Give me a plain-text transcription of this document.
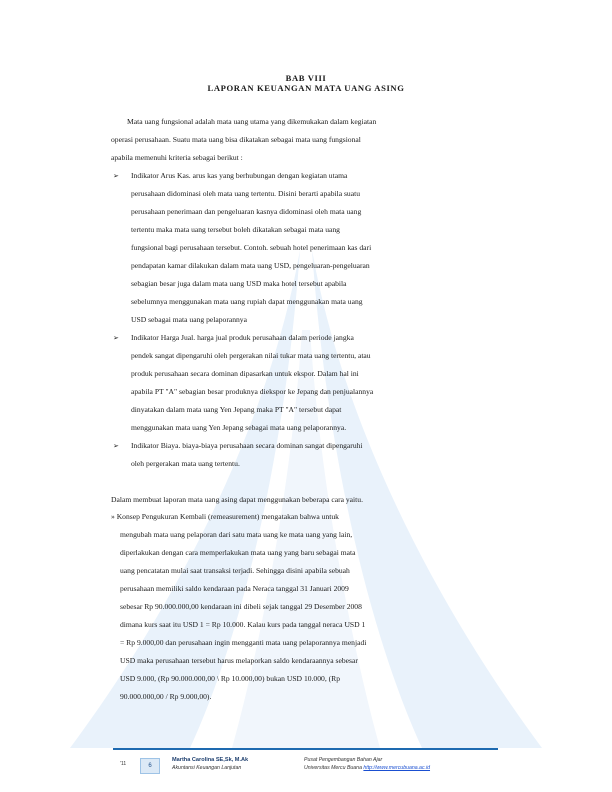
BAB VIII
LAPORAN KEUANGAN MATA UANG ASING
Mata uang fungsional adalah mata uang utama yang dikemukakan dalam kegiatan
operasi perusahaan. Suatu mata uang bisa dikatakan sebagai mata uang fungsional
apabila memenuhi kriteria sebagai berikut :
➢ Indikator Arus Kas. arus kas yang berhubungan dengan kegiatan utama
perusahaan didominasi oleh mata uang tertentu. Disini berarti apabila suatu
perusahaan penerimaan dan pengeluaran kasnya didominasi oleh mata uang
tertentu maka mata uang tersebut boleh dikatakan sebagai mata uang
fungsional bagi perusahaan tersebut. Contoh. sebuah hotel penerimaan kas dari
pendapatan kamar dilakukan dalam mata uang USD, pengeluaran-pengeluaran
sebagian besar juga dalam mata uang USD maka hotel tersebut apabila
sebelumnya menggunakan mata uang rupiah dapat menggunakan mata uang
USD sebagai mata uang pelaporannya
➢ Indikator Harga Jual. harga jual produk perusahaan dalam periode jangka
pendek sangat dipengaruhi oleh pergerakan nilai tukar mata uang tertentu, atau
produk perusahaan secara dominan dipasarkan untuk ekspor. Dalam hal ini
apabila PT "A" sebagian besar produknya diekspor ke Jepang dan penjualannya
dinyatakan dalam mata uang Yen Jepang maka PT "A" tersebut dapat
menggunakan mata uang Yen Jepang sebagai mata uang pelaporannya.
➢ Indikator Biaya. biaya-biaya perusahaan secara dominan sangat dipengaruhi
oleh pergerakan mata uang tertentu.
Dalam membuat laporan mata uang asing dapat menggunakan beberapa cara yaitu.
» Konsep Pengukuran Kembali (remeasurement) mengatakan bahwa untuk
mengubah mata uang pelaporan dari satu mata uang ke mata uang yang lain,
diperlakukan dengan cara memperlakukan mata uang yang baru sebagai mata
uang pencatatan mulai saat transaksi terjadi. Sehingga disini apabila sebuah
perusahaan memiliki saldo kendaraan pada Neraca tanggal 31 Januari 2009
sebesar Rp 90.000.000,00 kendaraan ini dibeli sejak tanggal 29 Desember 2008
dimana kurs saat itu USD 1 = Rp 10.000. Kalau kurs pada tanggal neraca USD 1
= Rp 9.000,00 dan perusahaan ingin mengganti mata uang pelaporannya menjadi
USD maka perusahaan tersebut harus melaporkan saldo kendaraannya sebesar
USD 9.000, (Rp 90.000.000,00 \ Rp 10.000,00) bukan USD 10.000, (Rp
90.000.000,00 / Rp 9.000,00).
'11	6
Martha Carolina SE,Sk, M.Ak
Akuntansi Keuangan Lanjutan
Pusat Pengembangan Bahan Ajar
Universitas Mercu Buana http://www.mercubuana.ac.id
